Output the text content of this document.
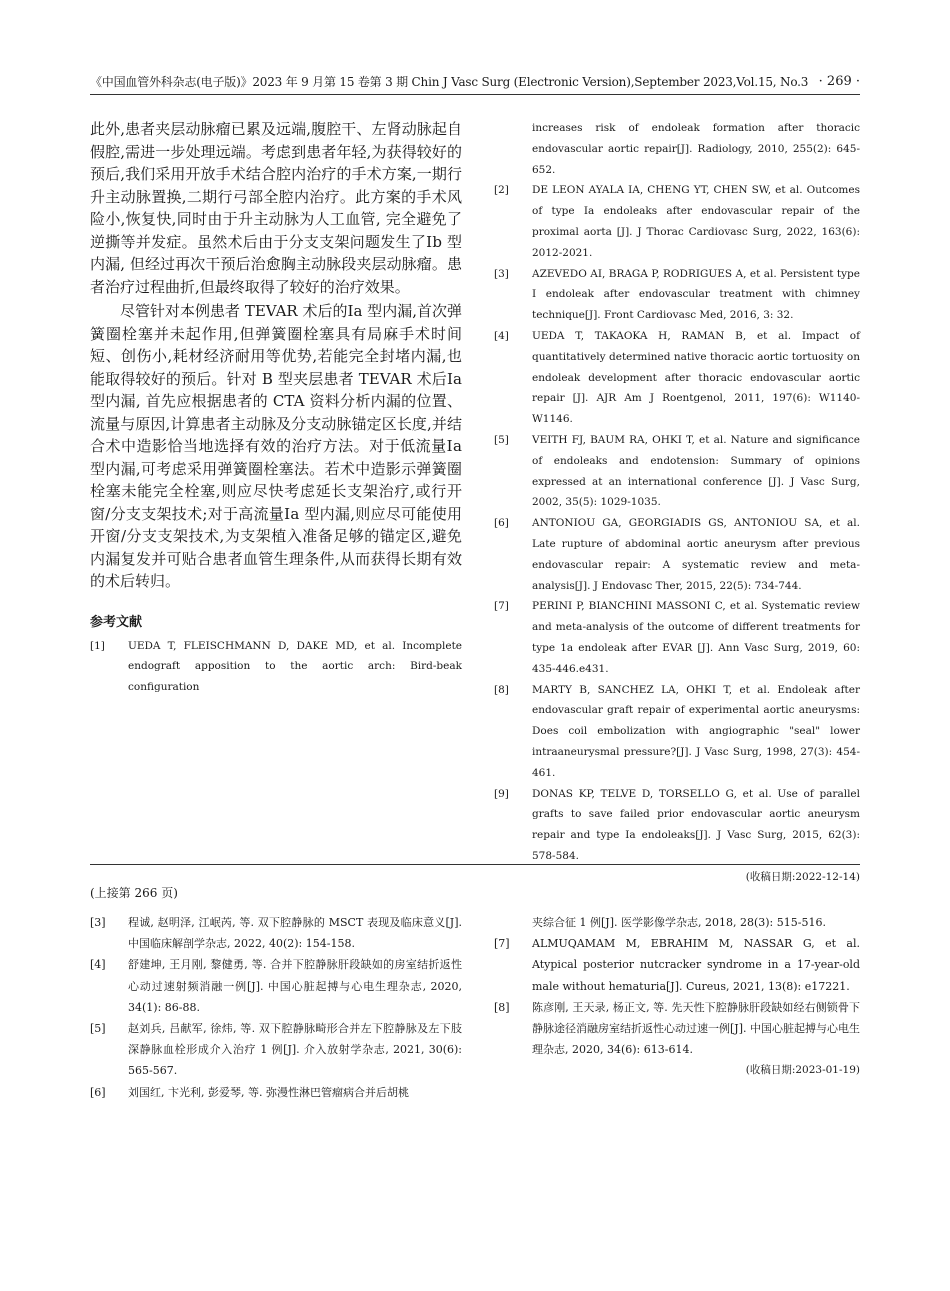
《中国血管外科杂志(电子版)》2023 年 9 月第 15 卷第 3 期 Chin J Vasc Surg (Electronic Version),September 2023,Vol.15, No.3 · 269 ·

此外,患者夹层动脉瘤已累及远端,腹腔干、左肾动脉起自假腔,需进一步处理远端。考虑到患者年轻,为获得较好的预后,我们采用开放手术结合腔内治疗的手术方案,一期行升主动脉置换,二期行弓部全腔内治疗。此方案的手术风险小,恢复快,同时由于升主动脉为人工血管, 完全避免了逆撕等并发症。虽然术后由于分支支架问题发生了Ⅰb 型内漏, 但经过再次干预后治愈胸主动脉段夹层动脉瘤。患者治疗过程曲折,但最终取得了较好的治疗效果。

尽管针对本例患者 TEVAR 术后的Ⅰa 型内漏,首次弹簧圈栓塞并未起作用,但弹簧圈栓塞具有局麻手术时间短、创伤小,耗材经济耐用等优势,若能完全封堵内漏,也能取得较好的预后。针对 B 型夹层患者 TEVAR 术后Ⅰa 型内漏, 首先应根据患者的 CTA 资料分析内漏的位置、流量与原因,计算患者主动脉及分支动脉锚定区长度,并结合术中造影恰当地选择有效的治疗方法。对于低流量Ⅰa 型内漏,可考虑采用弹簧圈栓塞法。若术中造影示弹簧圈栓塞未能完全栓塞,则应尽快考虑延长支架治疗,或行开窗/分支支架技术;对于高流量Ⅰa 型内漏,则应尽可能使用开窗/分支支架技术,为支架植入准备足够的锚定区,避免内漏复发并可贴合患者血管生理条件,从而获得长期有效的术后转归。

参考文献

[1] UEDA T, FLEISCHMANN D, DAKE MD, et al. Incomplete endograft apposition to the aortic arch: Bird-beak configuration

increases risk of endoleak formation after thoracic endovascular aortic repair[J]. Radiology, 2010, 255(2): 645-652.

[2] DE LEON AYALA IA, CHENG YT, CHEN SW, et al. Outcomes of type Ia endoleaks after endovascular repair of the proximal aorta [J]. J Thorac Cardiovasc Surg, 2022, 163(6): 2012-2021.

[3] AZEVEDO AI, BRAGA P, RODRIGUES A, et al. Persistent type I endoleak after endovascular treatment with chimney technique[J]. Front Cardiovasc Med, 2016, 3: 32.

[4] UEDA T, TAKAOKA H, RAMAN B, et al. Impact of quantitatively determined native thoracic aortic tortuosity on endoleak development after thoracic endovascular aortic repair [J]. AJR Am J Roentgenol, 2011, 197(6): W1140- W1146.

[5] VEITH FJ, BAUM RA, OHKI T, et al. Nature and significance of endoleaks and endotension: Summary of opinions expressed at an international conference [J]. J Vasc Surg, 2002, 35(5): 1029-1035.

[6] ANTONIOU GA, GEORGIADIS GS, ANTONIOU SA, et al. Late rupture of abdominal aortic aneurysm after previous endovascular repair: A systematic review and meta-analysis[J]. J Endovasc Ther, 2015, 22(5): 734-744.

[7] PERINI P, BIANCHINI MASSONI C, et al. Systematic review and meta-analysis of the outcome of different treatments for type 1a endoleak after EVAR [J]. Ann Vasc Surg, 2019, 60: 435-446.e431.

[8] MARTY B, SANCHEZ LA, OHKI T, et al. Endoleak after endovascular graft repair of experimental aortic aneurysms: Does coil embolization with angiographic "seal" lower intraaneurysmal pressure?[J]. J Vasc Surg, 1998, 27(3): 454-461.

[9] DONAS KP, TELVE D, TORSELLO G, et al. Use of parallel grafts to save failed prior endovascular aortic aneurysm repair and type Ia endoleaks[J]. J Vasc Surg, 2015, 62(3): 578-584.

(收稿日期:2022-12-14)

(上接第 266 页)

[3] 程诚, 赵明泽, 江岷芮, 等. 双下腔静脉的 MSCT 表现及临床意义[J]. 中国临床解剖学杂志, 2022, 40(2): 154-158.

[4] 舒建坤, 王月刚, 黎健勇, 等. 合并下腔静脉肝段缺如的房室结折返性心动过速射频消融一例[J]. 中国心脏起搏与心电生理杂志, 2020, 34(1): 86-88.

[5] 赵刘兵, 吕献军, 徐炜, 等. 双下腔静脉畸形合并左下腔静脉及左下肢深静脉血栓形成介入治疗 1 例[J]. 介入放射学杂志, 2021, 30(6): 565-567.

[6] 刘国红, 卞光利, 彭爱琴, 等. 弥漫性淋巴管瘤病合并后胡桃

夹综合征 1 例[J]. 医学影像学杂志, 2018, 28(3): 515-516.

[7] ALMUQAMAM M, EBRAHIM M, NASSAR G, et al. Atypical posterior nutcracker syndrome in a 17-year-old male without hematuria[J]. Cureus, 2021, 13(8): e17221.

[8] 陈彦刚, 王天录, 杨正文, 等. 先天性下腔静脉肝段缺如经右侧锁骨下静脉途径消融房室结折返性心动过速一例[J]. 中国心脏起搏与心电生理杂志, 2020, 34(6): 613-614.

(收稿日期:2023-01-19)
